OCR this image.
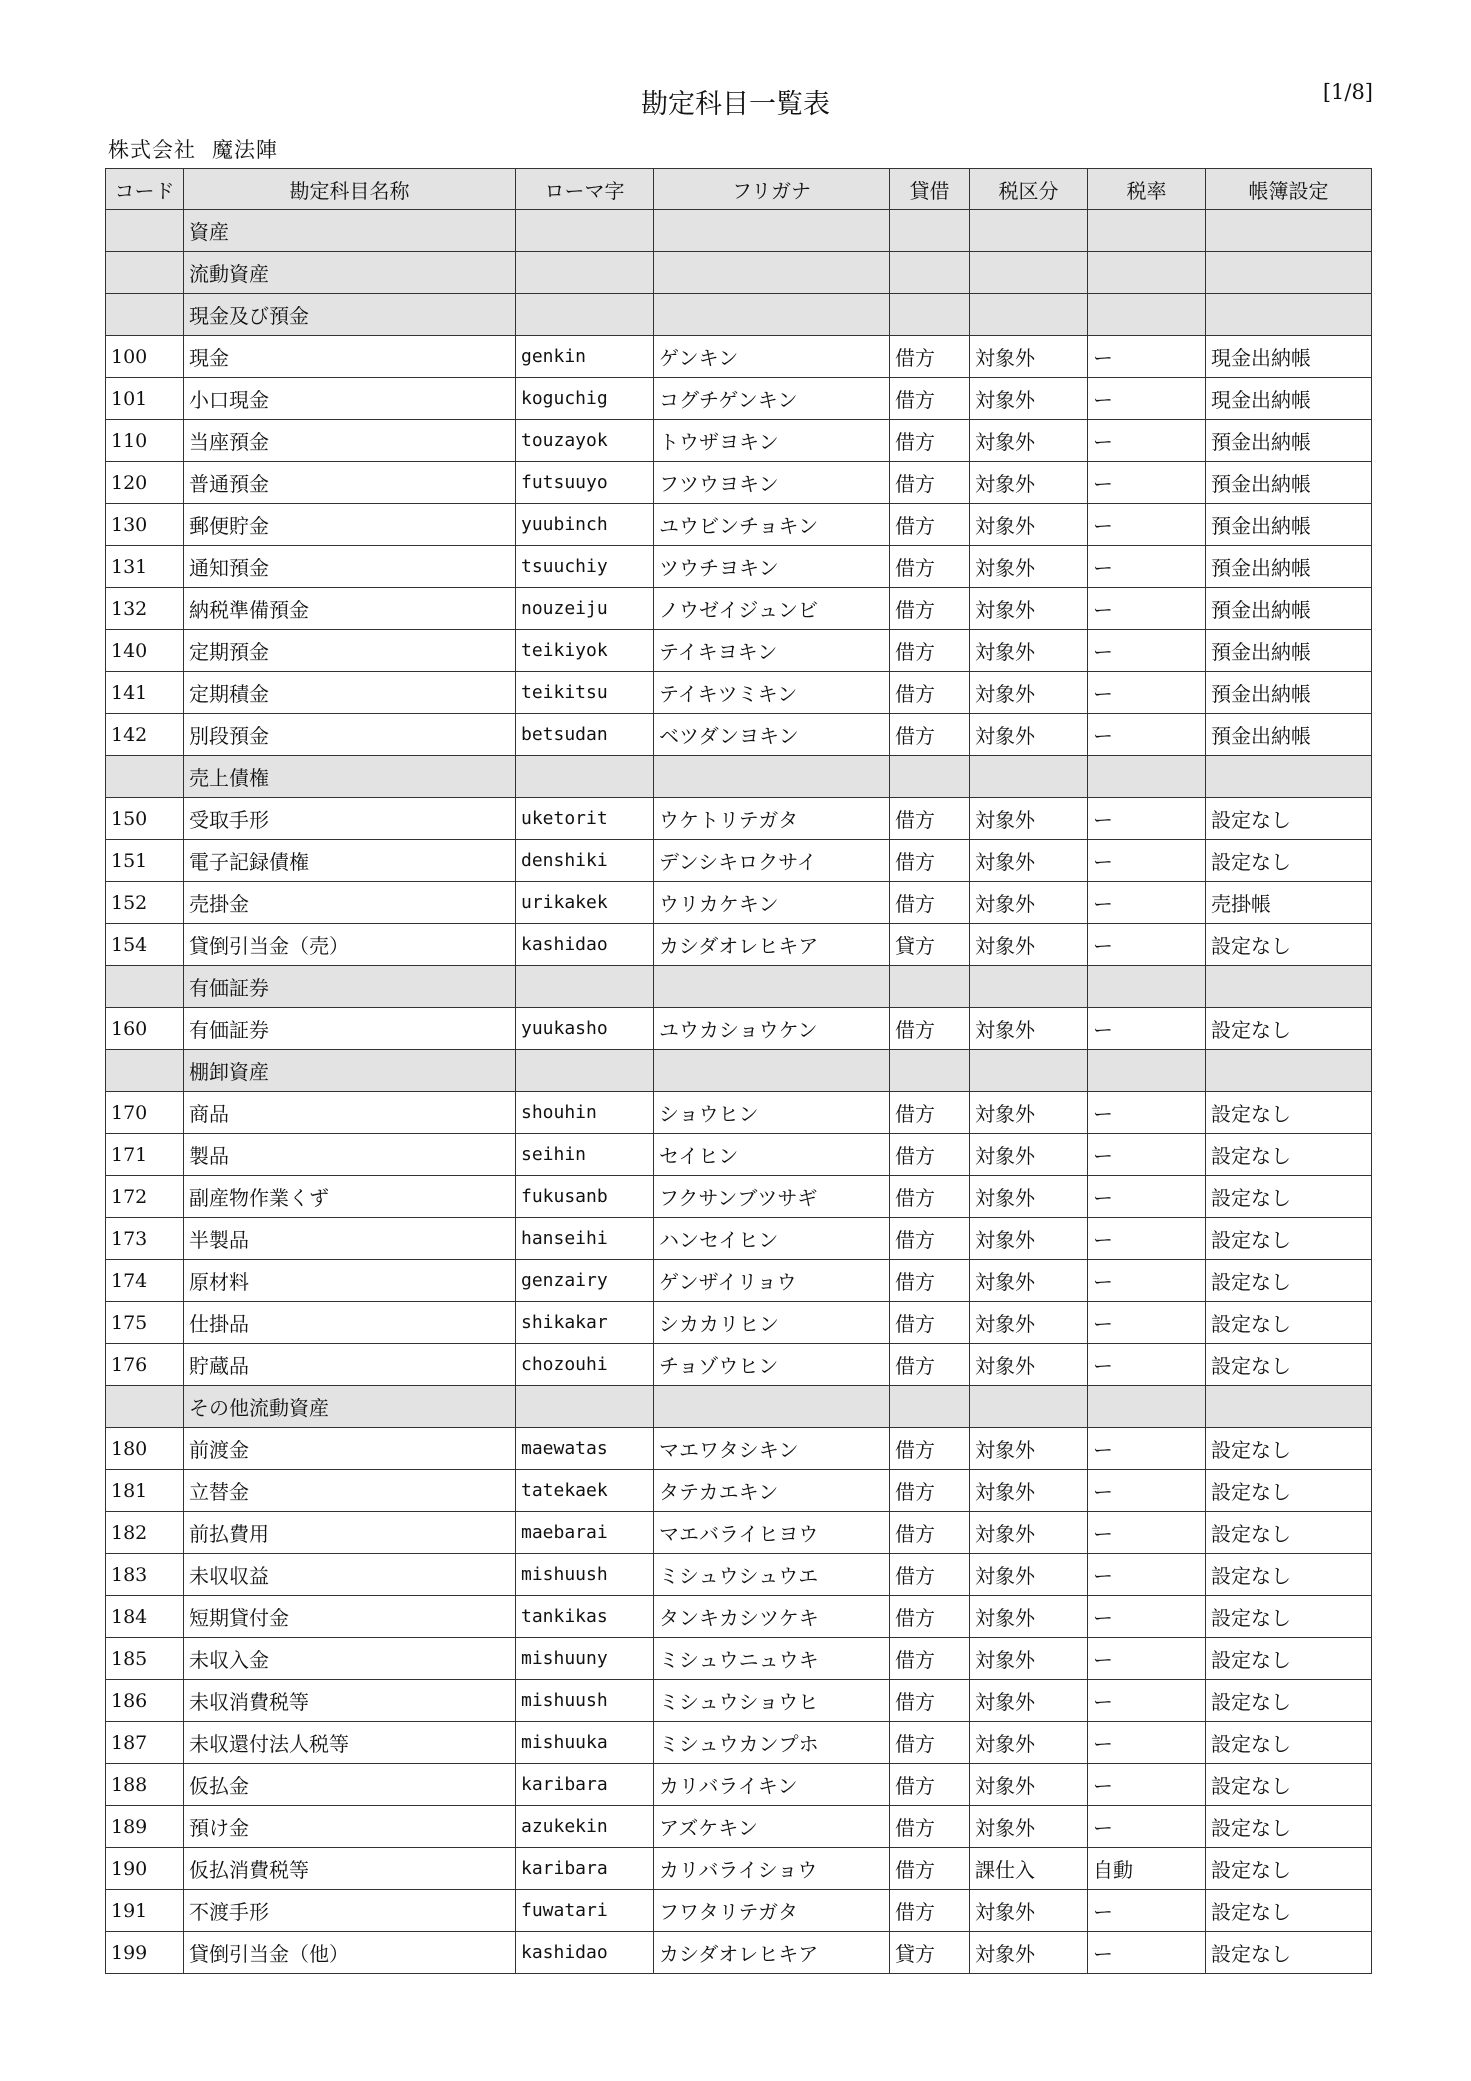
勘定科目一覧表	[1/8]
株式会社 魔法陣
コード	勘定科目名称	ローマ字	フリガナ	貸借	税区分	税率	帳簿設定
	資産						
	流動資産						
	現金及び預金						
100	現金	genkin	ゲンキン	借方	対象外	ー	現金出納帳
101	小口現金	koguchig	コグチゲンキン	借方	対象外	ー	現金出納帳
110	当座預金	touzayok	トウザヨキン	借方	対象外	ー	預金出納帳
120	普通預金	futsuuyo	フツウヨキン	借方	対象外	ー	預金出納帳
130	郵便貯金	yuubinch	ユウビンチョキン	借方	対象外	ー	預金出納帳
131	通知預金	tsuuchiy	ツウチヨキン	借方	対象外	ー	預金出納帳
132	納税準備預金	nouzeiju	ノウゼイジュンビ	借方	対象外	ー	預金出納帳
140	定期預金	teikiyok	テイキヨキン	借方	対象外	ー	預金出納帳
141	定期積金	teikitsu	テイキツミキン	借方	対象外	ー	預金出納帳
142	別段預金	betsudan	ベツダンヨキン	借方	対象外	ー	預金出納帳
	売上債権						
150	受取手形	uketorit	ウケトリテガタ	借方	対象外	ー	設定なし
151	電子記録債権	denshiki	デンシキロクサイ	借方	対象外	ー	設定なし
152	売掛金	urikakek	ウリカケキン	借方	対象外	ー	売掛帳
154	貸倒引当金（売）	kashidao	カシダオレヒキア	貸方	対象外	ー	設定なし
	有価証券						
160	有価証券	yuukasho	ユウカショウケン	借方	対象外	ー	設定なし
	棚卸資産						
170	商品	shouhin	ショウヒン	借方	対象外	ー	設定なし
171	製品	seihin	セイヒン	借方	対象外	ー	設定なし
172	副産物作業くず	fukusanb	フクサンブツサギ	借方	対象外	ー	設定なし
173	半製品	hanseihi	ハンセイヒン	借方	対象外	ー	設定なし
174	原材料	genzairy	ゲンザイリョウ	借方	対象外	ー	設定なし
175	仕掛品	shikakar	シカカリヒン	借方	対象外	ー	設定なし
176	貯蔵品	chozouhi	チョゾウヒン	借方	対象外	ー	設定なし
	その他流動資産						
180	前渡金	maewatas	マエワタシキン	借方	対象外	ー	設定なし
181	立替金	tatekaek	タテカエキン	借方	対象外	ー	設定なし
182	前払費用	maebarai	マエバライヒヨウ	借方	対象外	ー	設定なし
183	未収収益	mishuush	ミシュウシュウエ	借方	対象外	ー	設定なし
184	短期貸付金	tankikas	タンキカシツケキ	借方	対象外	ー	設定なし
185	未収入金	mishuuny	ミシュウニュウキ	借方	対象外	ー	設定なし
186	未収消費税等	mishuush	ミシュウショウヒ	借方	対象外	ー	設定なし
187	未収還付法人税等	mishuuka	ミシュウカンプホ	借方	対象外	ー	設定なし
188	仮払金	karibara	カリバライキン	借方	対象外	ー	設定なし
189	預け金	azukekin	アズケキン	借方	対象外	ー	設定なし
190	仮払消費税等	karibara	カリバライショウ	借方	課仕入	自動	設定なし
191	不渡手形	fuwatari	フワタリテガタ	借方	対象外	ー	設定なし
199	貸倒引当金（他）	kashidao	カシダオレヒキア	貸方	対象外	ー	設定なし
